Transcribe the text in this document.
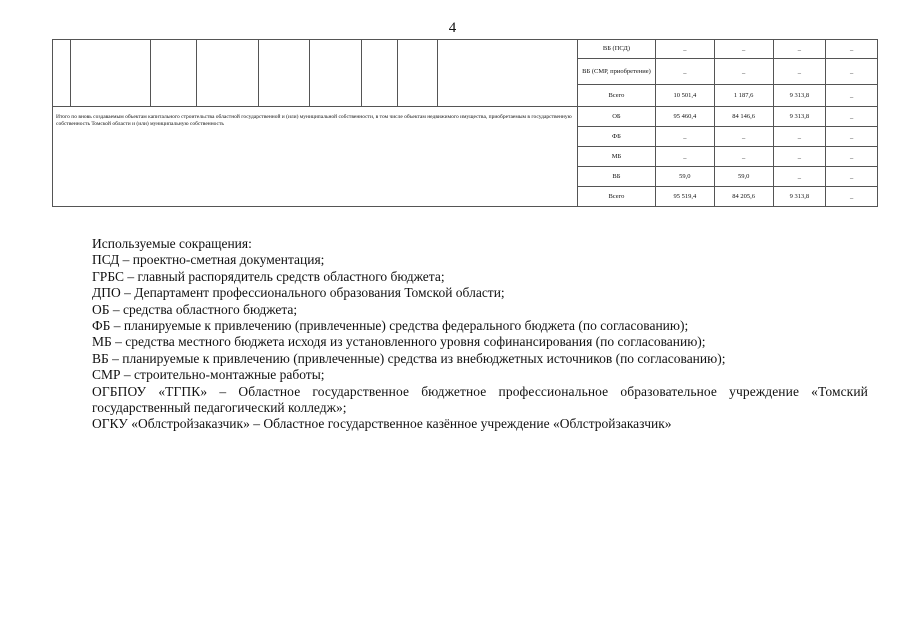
4
									ВБ (ПСД)	_	_	_	_
									ВБ (СМР, приобретение)	_	_	_	_
									Всего	10 501,4	1 187,6	9 313,8	_
Итого по вновь создаваемым объектам капитального строительства областной государственной и (или) муниципальной собственности, в том числе объектам недвижимого имущества, приобретаемым в государственную собственность Томской области и (или) муниципальную собственность									ОБ	95 460,4	84 146,6	9 313,8	_
									ФБ	_	_	_	_
									МБ	_	_	_	_
									ВБ	59,0	59,0	_	_
									Всего	95 519,4	84 205,6	9 313,8	_
Используемые сокращения:
ПСД – проектно-сметная документация;
ГРБС – главный распорядитель средств областного бюджета;
ДПО – Департамент профессионального образования Томской области;
ОБ – средства областного бюджета;
ФБ – планируемые к привлечению (привлеченные) средства федерального бюджета (по согласованию);
МБ – средства местного бюджета исходя из установленного уровня софинансирования (по согласованию);
ВБ – планируемые к привлечению (привлеченные) средства из внебюджетных источников (по согласованию);
СМР – строительно-монтажные работы;
ОГБПОУ «ТГПК» – Областное государственное бюджетное профессиональное образовательное учреждение «Томский
государственный педагогический колледж»;
ОГКУ «Облстройзаказчик» – Областное государственное казённое учреждение «Облстройзаказчик»
